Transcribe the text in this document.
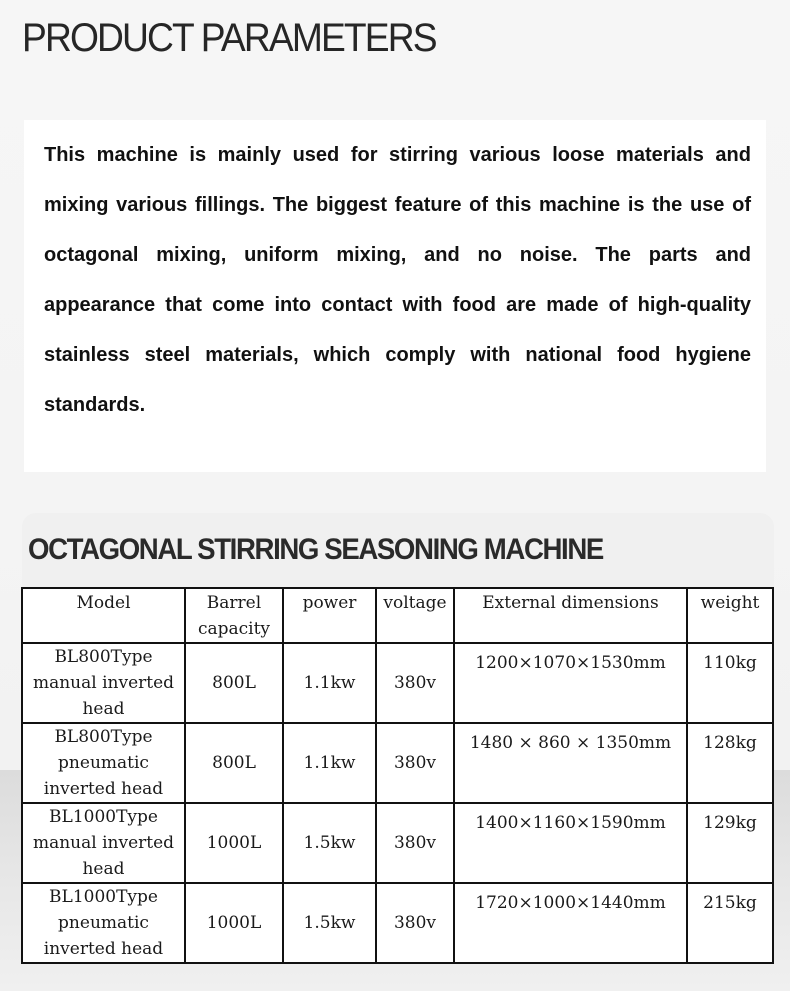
PRODUCT PARAMETERS

This machine is mainly used for stirring various loose materials and mixing various fillings. The biggest feature of this machine is the use of octagonal mixing, uniform mixing, and no noise. The parts and appearance that come into contact with food are made of high-quality stainless steel materials, which comply with national food hygiene standards.

OCTAGONAL STIRRING SEASONING MACHINE
Model	Barrel capacity	power	voltage	External dimensions	weight
BL800Type manual inverted head	800L	1.1kw	380v	1200×1070×1530mm	110kg
BL800Type pneumatic inverted head	800L	1.1kw	380v	1480 × 860 × 1350mm	128kg
BL1000Type manual inverted head	1000L	1.5kw	380v	1400×1160×1590mm	129kg
BL1000Type pneumatic inverted head	1000L	1.5kw	380v	1720×1000×1440mm	215kg
